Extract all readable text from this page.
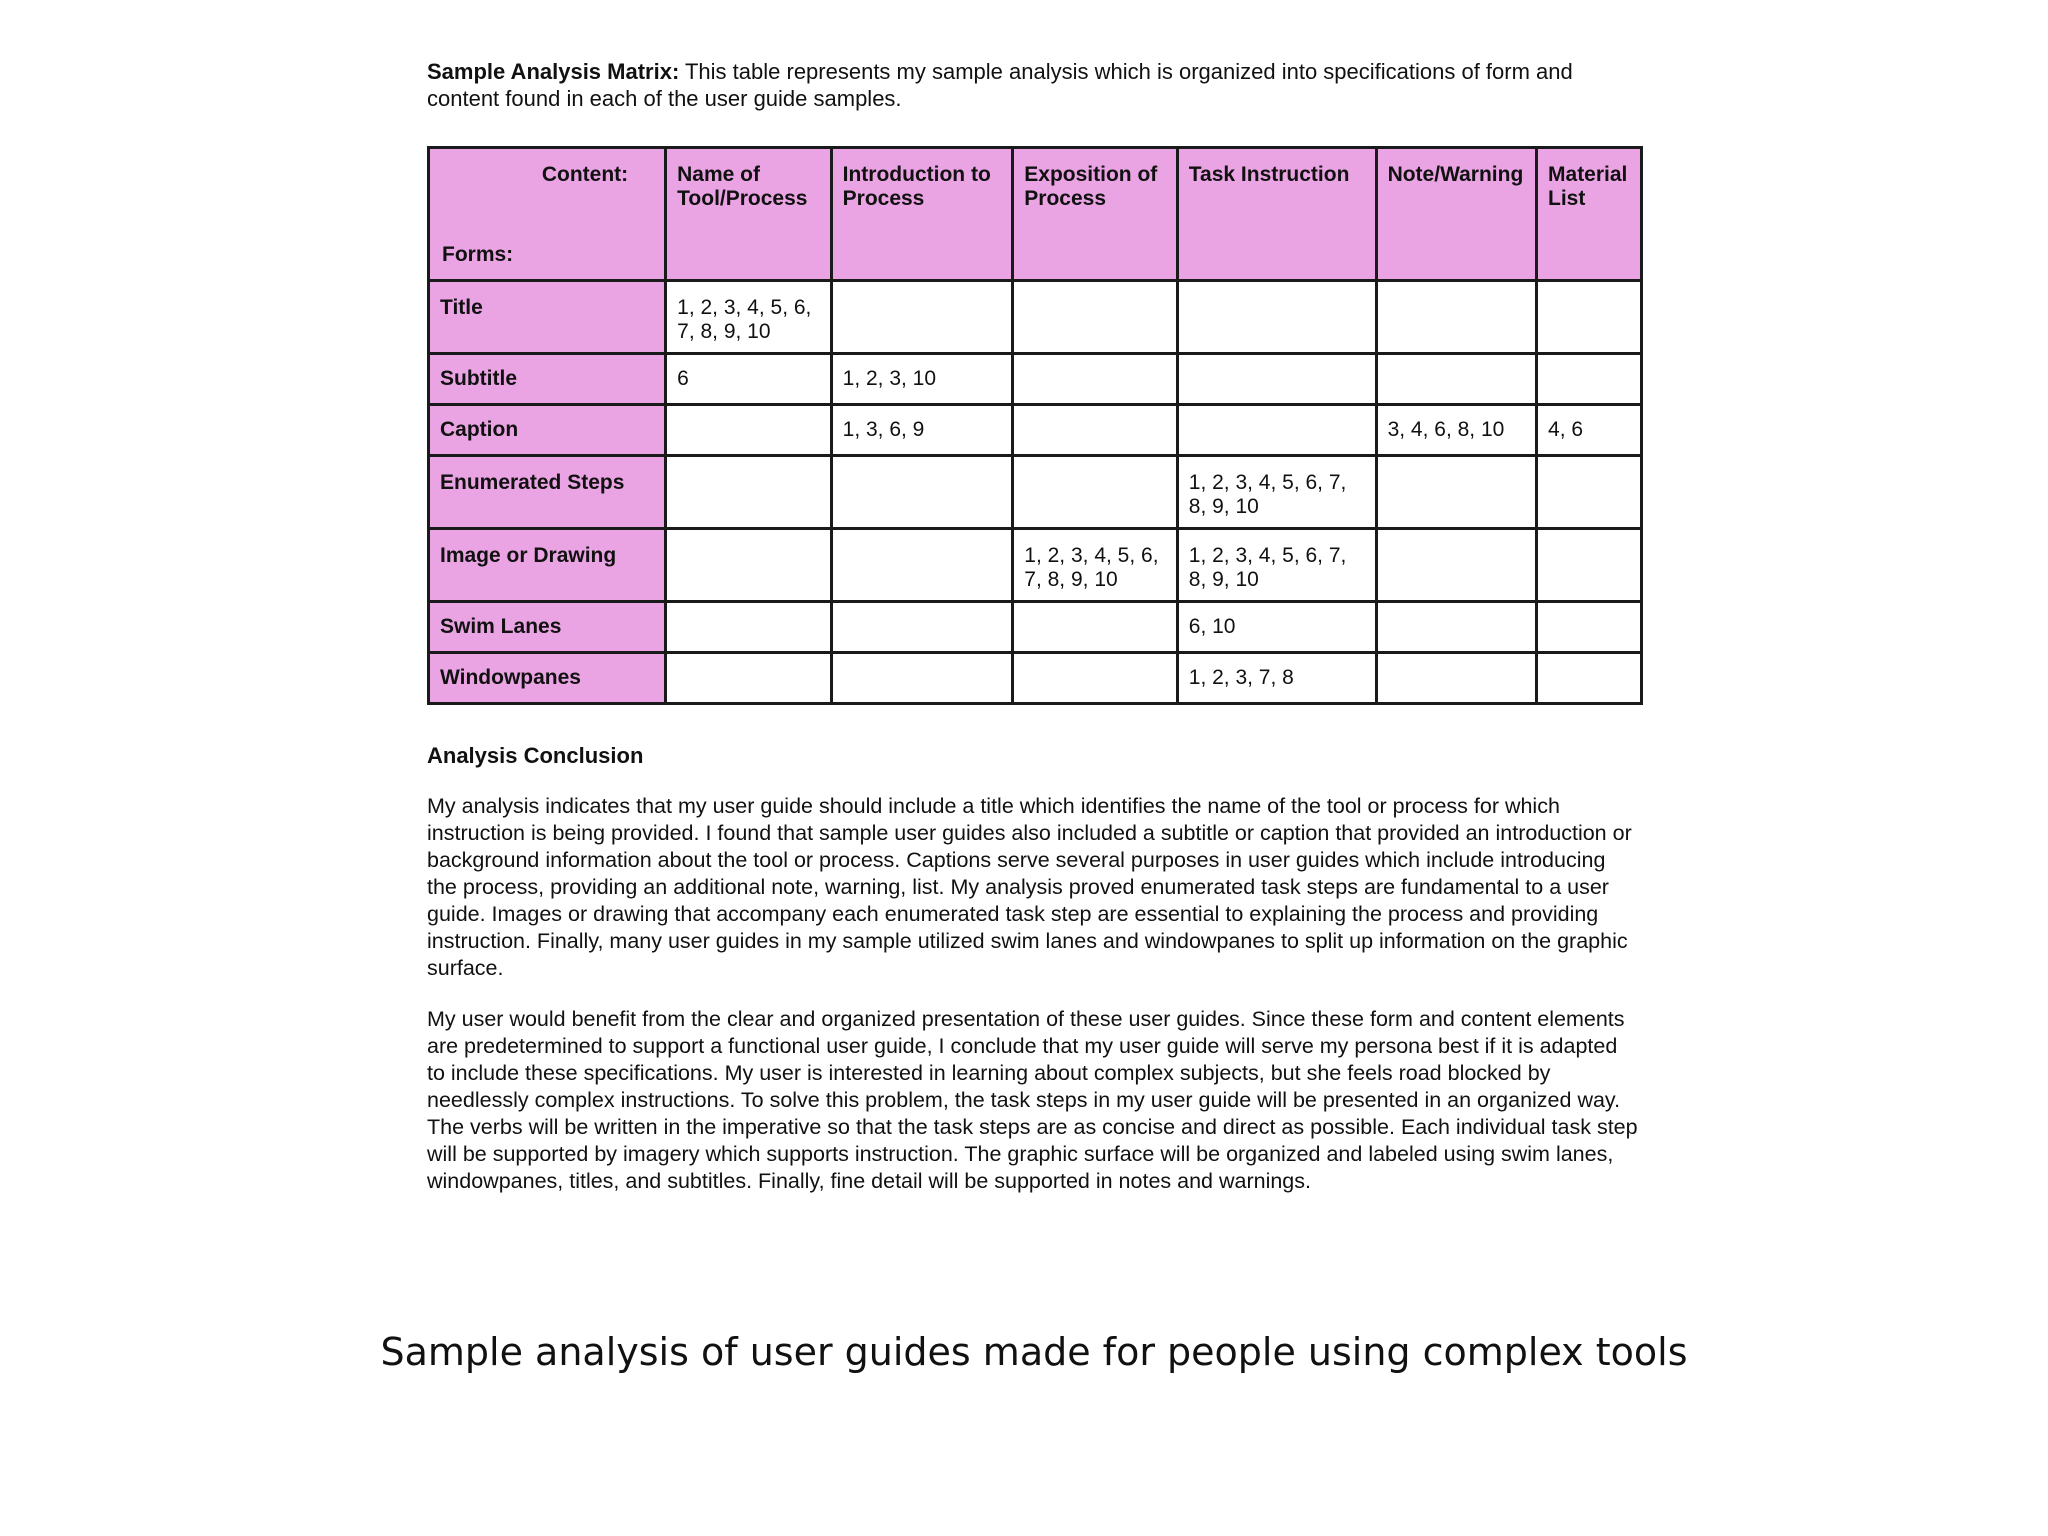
Sample Analysis Matrix: This table represents my sample analysis which is organized into specifications of form and content found in each of the user guide samples.

Content:
Forms:	Name of Tool/Process	Introduction to Process	Exposition of Process	Task Instruction	Note/Warning	Material List
Title	1, 2, 3, 4, 5, 6, 7, 8, 9, 10					
Subtitle	6	1, 2, 3, 10				
Caption		1, 3, 6, 9			3, 4, 6, 8, 10	4, 6
Enumerated Steps				1, 2, 3, 4, 5, 6, 7, 8, 9, 10		
Image or Drawing			1, 2, 3, 4, 5, 6, 7, 8, 9, 10	1, 2, 3, 4, 5, 6, 7, 8, 9, 10		
Swim Lanes				6, 10		
Windowpanes				1, 2, 3, 7, 8		
Analysis Conclusion

My analysis indicates that my user guide should include a title which identifies the name of the tool or process for which instruction is being provided. I found that sample user guides also included a subtitle or caption that provided an introduction or background information about the tool or process. Captions serve several purposes in user guides which include introducing the process, providing an additional note, warning, list. My analysis proved enumerated task steps are fundamental to a user guide. Images or drawing that accompany each enumerated task step are essential to explaining the process and providing instruction. Finally, many user guides in my sample utilized swim lanes and windowpanes to split up information on the graphic surface.

My user would benefit from the clear and organized presentation of these user guides. Since these form and content elements are predetermined to support a functional user guide, I conclude that my user guide will serve my persona best if it is adapted to include these specifications. My user is interested in learning about complex subjects, but she feels road blocked by needlessly complex instructions. To solve this problem, the task steps in my user guide will be presented in an organized way. The verbs will be written in the imperative so that the task steps are as concise and direct as possible. Each individual task step will be supported by imagery which supports instruction. The graphic surface will be organized and labeled using swim lanes, windowpanes, titles, and subtitles. Finally, fine detail will be supported in notes and warnings.

Sample analysis of user guides made for people using complex tools
